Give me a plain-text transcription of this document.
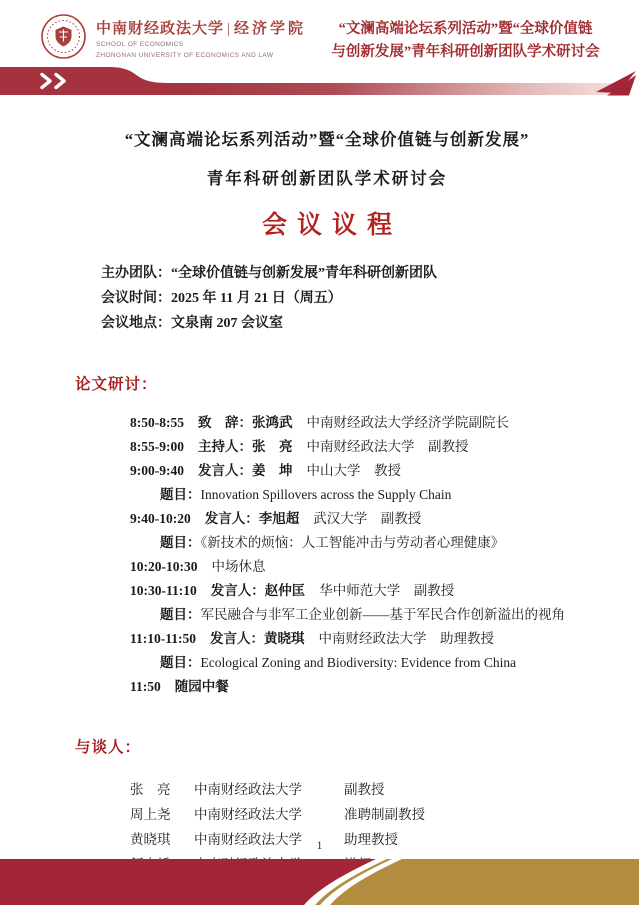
中南财经政法大学 | 经济学院
SCHOOL OF ECONOMICS
ZHONGNAN UNIVERSITY OF ECONOMICS AND LAW
“文澜高端论坛系列活动”暨“全球价值链
与创新发展”青年科研创新团队学术研讨会
“文澜高端论坛系列活动”暨“全球价值链与创新发展”
青年科研创新团队学术研讨会
会议议程
主办团队：“全球价值链与创新发展”青年科研创新团队
会议时间：2025 年 11 月 21 日（周五）
会议地点：文泉南 207 会议室
论文研讨：
8:50-8:55 致　辞：张鸿武 中南财经政法大学经济学院副院长
8:55-9:00 主持人：张　亮 中南财经政法大学　副教授
9:00-9:40 发言人：姜　坤 中山大学　教授
题目：Innovation Spillovers across the Supply Chain
9:40-10:20 发言人：李旭超 武汉大学　副教授
题目：《新技术的烦恼：人工智能冲击与劳动者心理健康》
10:20-10:30 中场休息
10:30-11:10 发言人：赵仲匡 华中师范大学　副教授
题目：军民融合与非军工企业创新——基于军民合作创新溢出的视角
11:10-11:50 发言人：黄晓琪 中南财经政法大学　助理教授
题目：Ecological Zoning and Biodiversity: Evidence from China
11:50 随园中餐
与谈人：
张　亮 中南财经政法大学	副教授
周上尧 中南财经政法大学	准聘制副教授
黄晓琪 中南财经政法大学	助理教授
1
